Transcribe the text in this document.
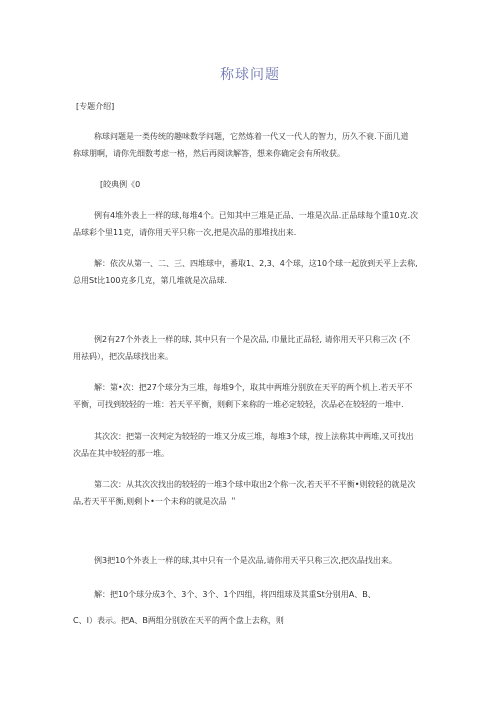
称球问题
[专题介绍]
称球问题是一类传统的趣味数学问题，它然炼着一代又一代人的智力，历久不衰.下面几道
称球朋啊，请你先细数考虑一格，然后再阅读解答，想来你确定会有所收获。
[皎典例《0
例有4堆外表上一样的球,每堆4个。已知其中三堆是正品、一堆是次品.正品球每个重10克.次
品球彩个里11克，请你用天平只称一次,把是次品的那堆找出来.
解：依次从第一、二、三、四堆球中，番取1、2,3、4个球，这10个球一起放到天平上去称,
总用St比100克多几克，第几堆就是次品球.
例2有27个外表上一样的球, 其中只有一个是次品, 巾量比正品轻, 请你用天平只称三次 (不
用祛码），把次品球找出来。
解：第•次：把27个球分为三堆，每堆9个，取其中两堆分别放在天平的两个机上.若天平不
平衡，可找到较轻的一堆：若天平平衡，则剩下来称的一堆必定较轻，次品必在较轻的一堆中.
其次次：把第一次判定为较轻的一堆又分成三堆，每堆3个球，按上法称其中两堆,又可找出
次品在其中较轻的那一堆。
第二次：从其次次找出的较轻的一堆3个球中取出2个称一次,若天平不平衡•则较轻的就是次
品,若天平平衡,则剩卜•一个未称的就是次品 ＂
例3把10个外表上一样的球,其中只有一个是次品,请你用天平只称三次,把次品找出来。
解：把10个球分成3个、3个、3个、1个四组，将四组球及其重St分别用A、B、
C、I）表示。把A、B两组分别放在天平的两个盘上去称，则
